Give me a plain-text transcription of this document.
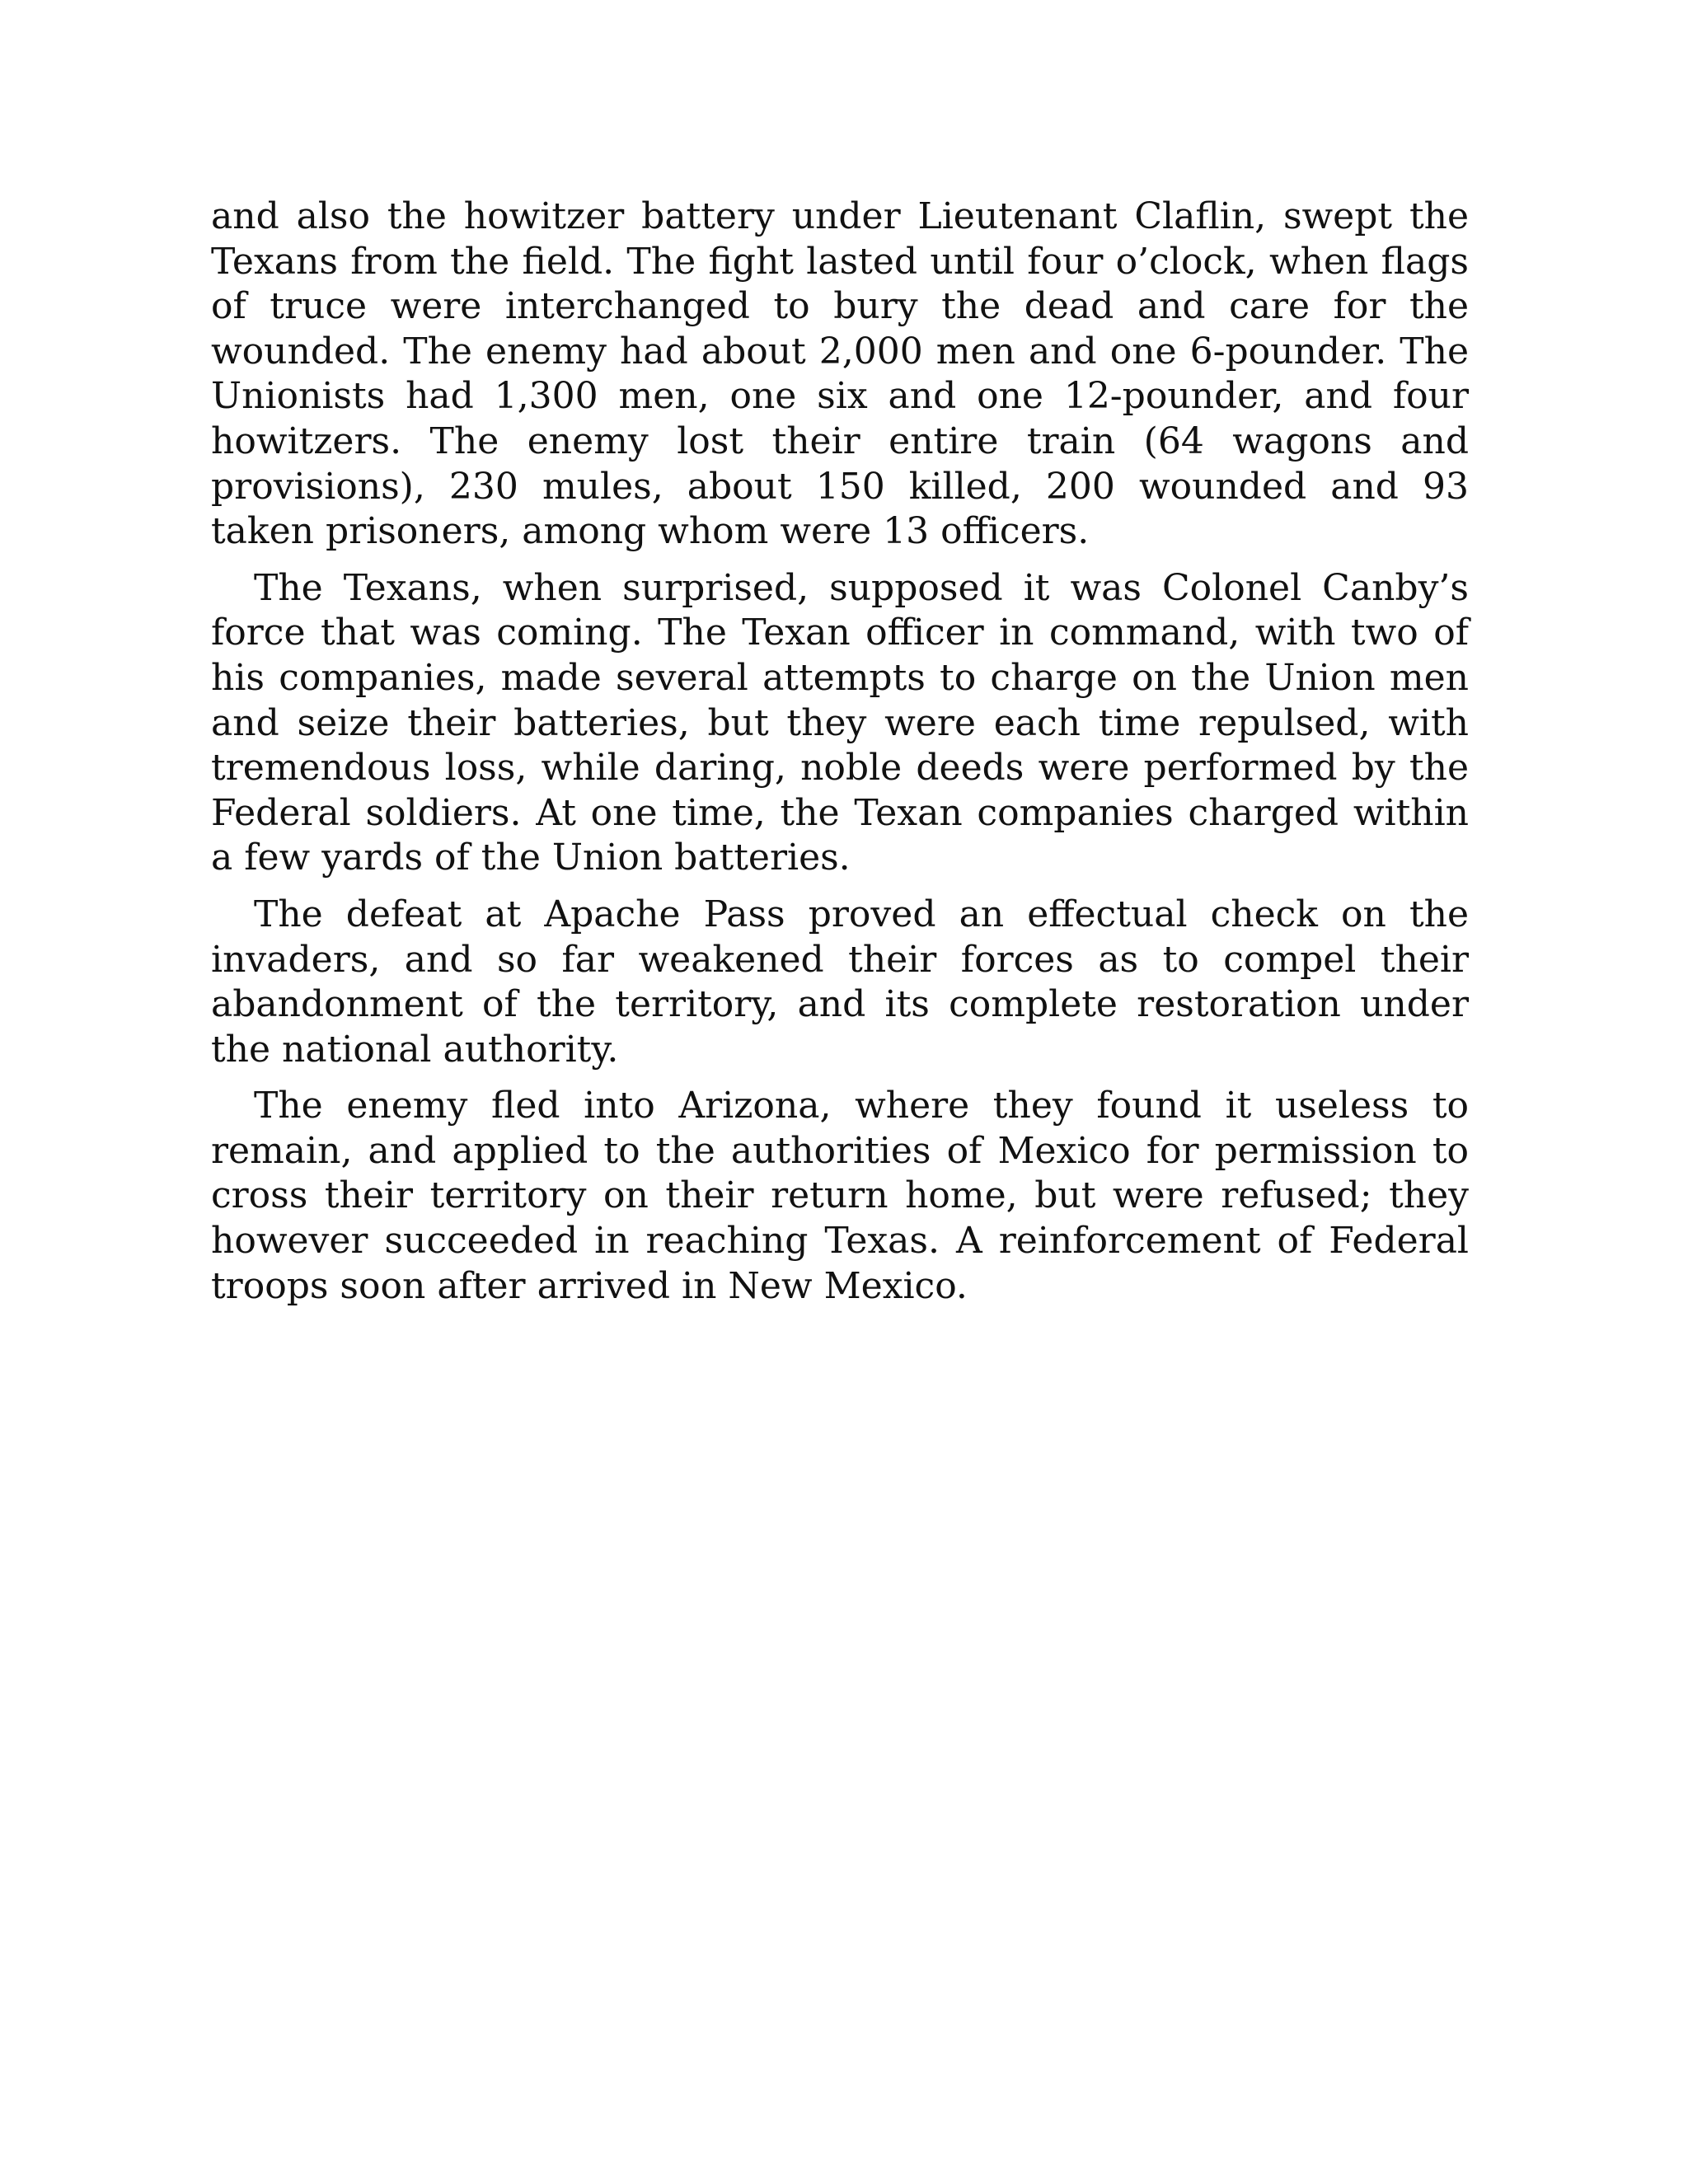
and also the howitzer battery under Lieutenant Claflin, swept the Texans from the field. The fight lasted until four o’clock, when flags of truce were interchanged to bury the dead and care for the wounded. The enemy had about 2,000 men and one 6-pounder. The Unionists had 1,300 men, one six and one 12-pounder, and four howitzers. The enemy lost their entire train (64 wagons and provisions), 230 mules, about 150 killed, 200 wounded and 93 taken prisoners, among whom were 13 officers.

The Texans, when surprised, supposed it was Colonel Canby’s force that was coming. The Texan officer in command, with two of his companies, made several attempts to charge on the Union men and seize their batteries, but they were each time repulsed, with tremendous loss, while daring, noble deeds were performed by the Federal soldiers. At one time, the Texan companies charged within a few yards of the Union batteries.

The defeat at Apache Pass proved an effectual check on the invaders, and so far weakened their forces as to compel their abandonment of the territory, and its complete restoration under the national authority.

The enemy fled into Arizona, where they found it useless to remain, and applied to the authorities of Mexico for permission to cross their territory on their return home, but were refused; they however succeeded in reaching Texas. A reinforcement of Federal troops soon after arrived in New Mexico.
